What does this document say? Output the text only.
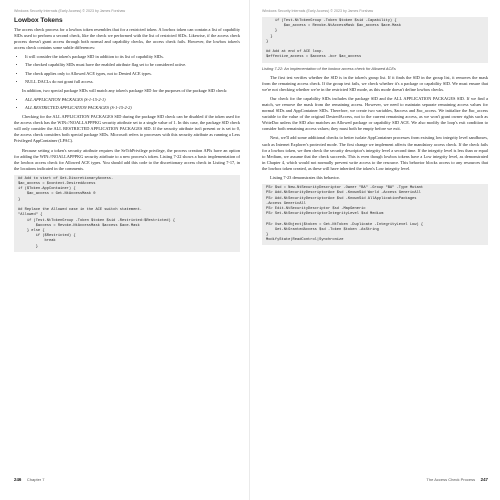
Windows Security Internals (Early Access) © 2023 by James Forshaw
Lowbox Tokens

The access check process for a lowbox token resembles that for a restricted token. A lowbox token can contain a list of capability SIDs used to perform a second check, like the check we performed with the list of restricted SIDs. Likewise, if the access check process doesn't grant access through both normal and capability checks, the access check fails. However, the lowbox token's access check contains some subtle differences:

• It will consider the token's package SID in addition to its list of capability SIDs.
• The checked capability SIDs must have the enabled attribute flag set to be considered active.
• The check applies only to Allowed ACE types, not to Denied ACE types.
• NULL DACLs do not grant full access.

In addition, two special package SIDs will match any token's package SID for the purposes of the package SID check:

• ALL APPLICATION PACKAGES (S-1-15-2-1)
• ALL RESTRICTED APPLICATION PACKAGES (S-1-15-2-2)

Checking for the ALL APPLICATION PACKAGES SID during the package SID check can be disabled if the token used for the access check has the WIN://NOALLAPPPKG security attribute set to a single value of 1. In this case, the package SID check will only consider the ALL RESTRICTED APPLICATION PACKAGES SID. If the security attribute isn't present or is set to 0, the access check considers both special package SIDs. Microsoft refers to processes with this security attribute as running a Less Privileged AppContainer (LPAC).

Because setting a token's security attribute requires the SeTcbPrivilege privilege, the process creation APIs have an option for adding the WIN://NOALLAPPPKG security attribute to a new process's token. Listing 7-22 shows a basic implementation of the lowbox access check for Allowed ACE types. You should add this code to the discretionary access check in Listing 7-17, in the locations indicated in the comments.

## Add to start of Get-DiscretionaryAccess.
$ac_access = $context.DesiredAccess
if ($Token.AppContainer) {
$ac_access = Get-NtAccessMask 0
}

## Replace the Allowed case in the ACE switch statement.
"Allowed" {
if (Test-NtTokenGroup -Token $token $sid -Restricted:$Restricted) {
$access = Revoke-NtAccessMask $access $ace.Mask
} else {
if ($Restricted) {
break
}
246 Chapter 7
Windows Security Internals (Early Access) © 2023 by James Forshaw
if (Test-NtTokenGroup -Token $token $sid -Capability) {
$ac_access = Revoke-NtAccessMask $ac_access $ace.Mask
}
}
}

## Add at end of ACE loop.
$effective_access = $access -bor $ac_access
Listing 7-22: An implementation of the lowbox access check for Allowed ACEs

The first test verifies whether the SID is in the token's group list. If it finds the SID in the group list, it removes the mask from the remaining access check. If the group test fails, we check whether it's a package or capability SID. We must ensure that we're not checking whether we're in the restricted SID mode, as this mode doesn't define lowbox checks.

Our check for the capability SIDs includes the package SID and the ALL APPLICATION PACKAGES SID. If we find a match, we remove the mask from the remaining access. However, we need to maintain separate remaining access values for normal SIDs and AppContainer SIDs. Therefore, we create two variables, $access and $ac_access. We initialize the $ac_access variable to the value of the original DesiredAccess, not to the current remaining access, as we won't grant owner rights such as WriteDac unless the SID also matches an Allowed package or capability SID ACE. We also modify the loop's exit condition to consider both remaining access values; they must both be empty before we exit.

Next, we'll add some additional checks to better isolate AppContainer processes from existing low integrity level sandboxes, such as Internet Explorer's protected mode. The first change we implement affects the mandatory access check. If the check fails for a lowbox token, we then check the security descriptor's integrity level a second time. If the integrity level is less than or equal to Medium, we assume that the check succeeds. This is even though lowbox tokens have a Low integrity level, as demonstrated in Chapter 4, which would not normally prevent write access to the resource. This behavior blocks access to any resources that the lowbox token created, as these will have inherited the token's Low integrity level.

Listing 7-23 demonstrates this behavior.

PS> $sd = New-NtSecurityDescriptor -Owner "BA" -Group "BA" -Type Mutant
PS> Add-NtSecurityDescriptorAce $sd -KnownSid World -Access GenericAll
PS> Add-NtSecurityDescriptorAce $sd -KnownSid AllApplicationPackages
-Access GenericAll
PS> Edit-NtSecurityDescriptor $sd -MapGeneric
PS> Set-NtSecurityDescriptorIntegrityLevel $sd Medium

PS> Use-NtObject($token = Get-NtToken -Duplicate -IntegrityLevel Low) {
Get-NtGrantedAccess $sd -Token $token -AsString
}
ModifyState|ReadControl|Synchronize
The Access Check Process 247
